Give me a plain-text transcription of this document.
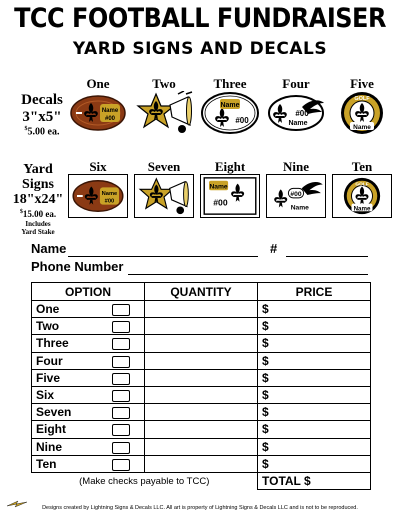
TCC FOOTBALL FUNDRAISER
YARD SIGNS AND DECALS
Decals
3"x5"
$5.00 ea.
One	Two	Three	Four	Five
Name
#00
Name
#00
#00
Name
GOLF
Name
Yard
Signs
18"x24"
$15.00 ea.
Includes
Yard Stake
Six	Seven	Eight	Nine	Ten
Name
#00
Name
#00
#00
Name
GOLF
Name
Name	#
Phone Number
OPTION	QUANTITY	PRICE
One		$
Two		$
Three		$
Four		$
Five		$
Six		$
Seven		$
Eight		$
Nine		$
Ten		$
(Make checks payable to TCC)		TOTAL $
Designs created by Lightning Signs & Decals LLC. All art is property of Lightning Signs & Decals LLC and is not to be reproduced.
